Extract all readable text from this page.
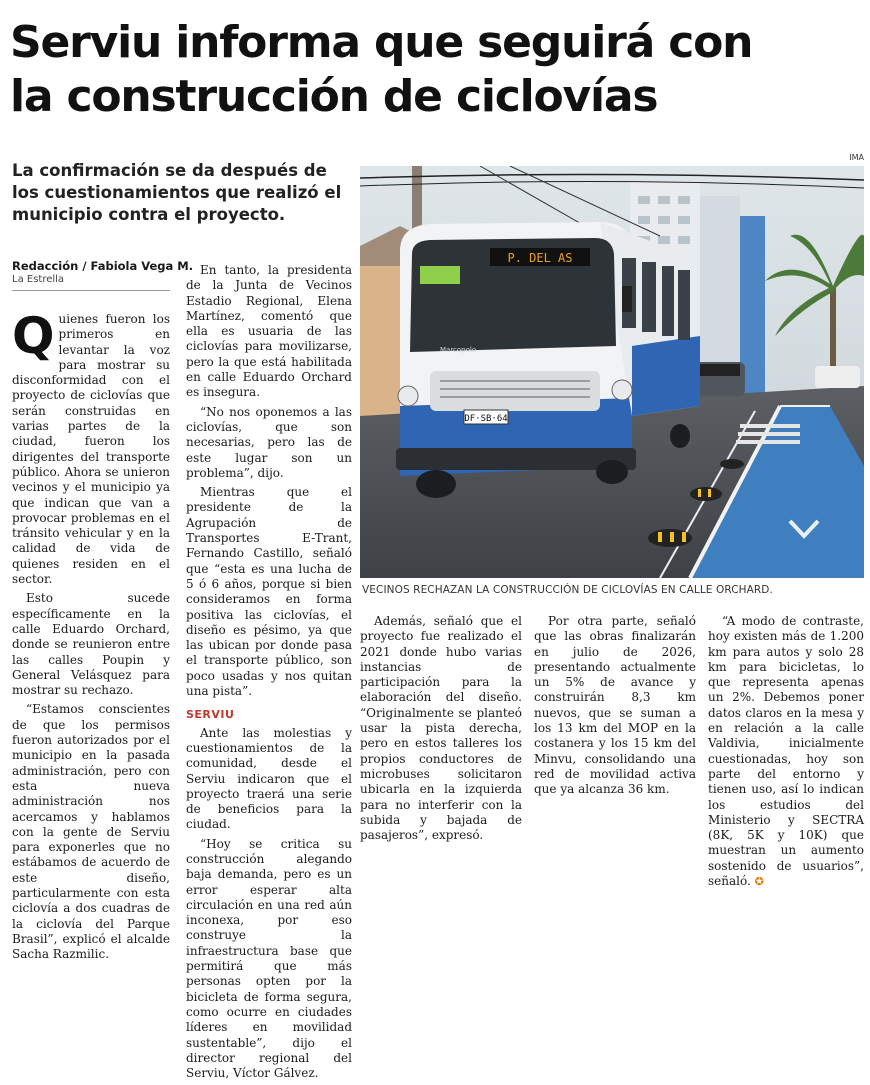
Serviu informa que seguirá con
la construcción de ciclovías

La confirmación se da después de los cuestionamientos que realizó el municipio contra el proyecto.

Redacción / Fabiola Vega M.
La Estrella
IMA
P. DEL AS
DF·SB·64
Marcopolo
VECINOS RECHAZAN LA CONSTRUCCIÓN DE CICLOVÍAS EN CALLE ORCHARD.

Quienes fueron los primeros en levantar la voz para mostrar su disconformidad con el proyecto de ciclovías que serán construidas en varias partes de la ciudad, fueron los dirigentes del transporte público. Ahora se unieron vecinos y el municipio ya que indican que van a provocar problemas en el tránsito vehicular y en la calidad de vida de quienes residen en el sector.

Esto sucede específicamente en la calle Eduardo Orchard, donde se reunieron entre las calles Poupin y General Velásquez para mostrar su rechazo.

“Estamos conscientes de que los permisos fueron autorizados por el municipio en la pasada administración, pero con esta nueva administración nos acercamos y hablamos con la gente de Serviu para exponerles que no estábamos de acuerdo de este diseño, particularmente con esta ciclovía a dos cuadras de la ciclovía del Parque Brasil”, explicó el alcalde Sacha Razmilic.

En tanto, la presidenta de la Junta de Vecinos Estadio Regional, Elena Martínez, comentó que ella es usuaria de las ciclovías para movilizarse, pero la que está habilitada en calle Eduardo Orchard es insegura.

“No nos oponemos a las ciclovías, que son necesarias, pero las de este lugar son un problema”, dijo.

Mientras que el presidente de la Agrupación de Transportes E-Trant, Fernando Castillo, señaló que “esta es una lucha de 5 ó 6 años, porque si bien consideramos en forma positiva las ciclovías, el diseño es pésimo, ya que las ubican por donde pasa el transporte público, son poco usadas y nos quitan una pista”.

SERVIU

Ante las molestias y cuestionamientos de la comunidad, desde el Serviu indicaron que el proyecto traerá una serie de beneficios para la ciudad.

“Hoy se critica su construcción alegando baja demanda, pero es un error esperar alta circulación en una red aún inconexa, por eso construye la infraestructura base que permitirá que más personas opten por la bicicleta de forma segura, como ocurre en ciudades líderes en movilidad sustentable”, dijo el director regional del Serviu, Víctor Gálvez.

Además, señaló que el proyecto fue realizado el 2021 donde hubo varias instancias de participación para la elaboración del diseño. “Originalmente se planteó usar la pista derecha, pero en estos talleres los propios conductores de microbuses solicitaron ubicarla en la izquierda para no interferir con la subida y bajada de pasajeros”, expresó.

Por otra parte, señaló que las obras finalizarán en julio de 2026, presentando actualmente un 5% de avance y construirán 8,3 km nuevos, que se suman a los 13 km del MOP en la costanera y los 15 km del Minvu, consolidando una red de movilidad activa que ya alcanza 36 km.

“A modo de contraste, hoy existen más de 1.200 km para autos y solo 28 km para bicicletas, lo que representa apenas un 2%. Debemos poner datos claros en la mesa y en relación a la calle Valdivia, inicialmente cuestionadas, hoy son parte del entorno y tienen uso, así lo indican los estudios del Ministerio y SECTRA (8K, 5K y 10K) que muestran un aumento sostenido de usuarios”, señaló. ✪
